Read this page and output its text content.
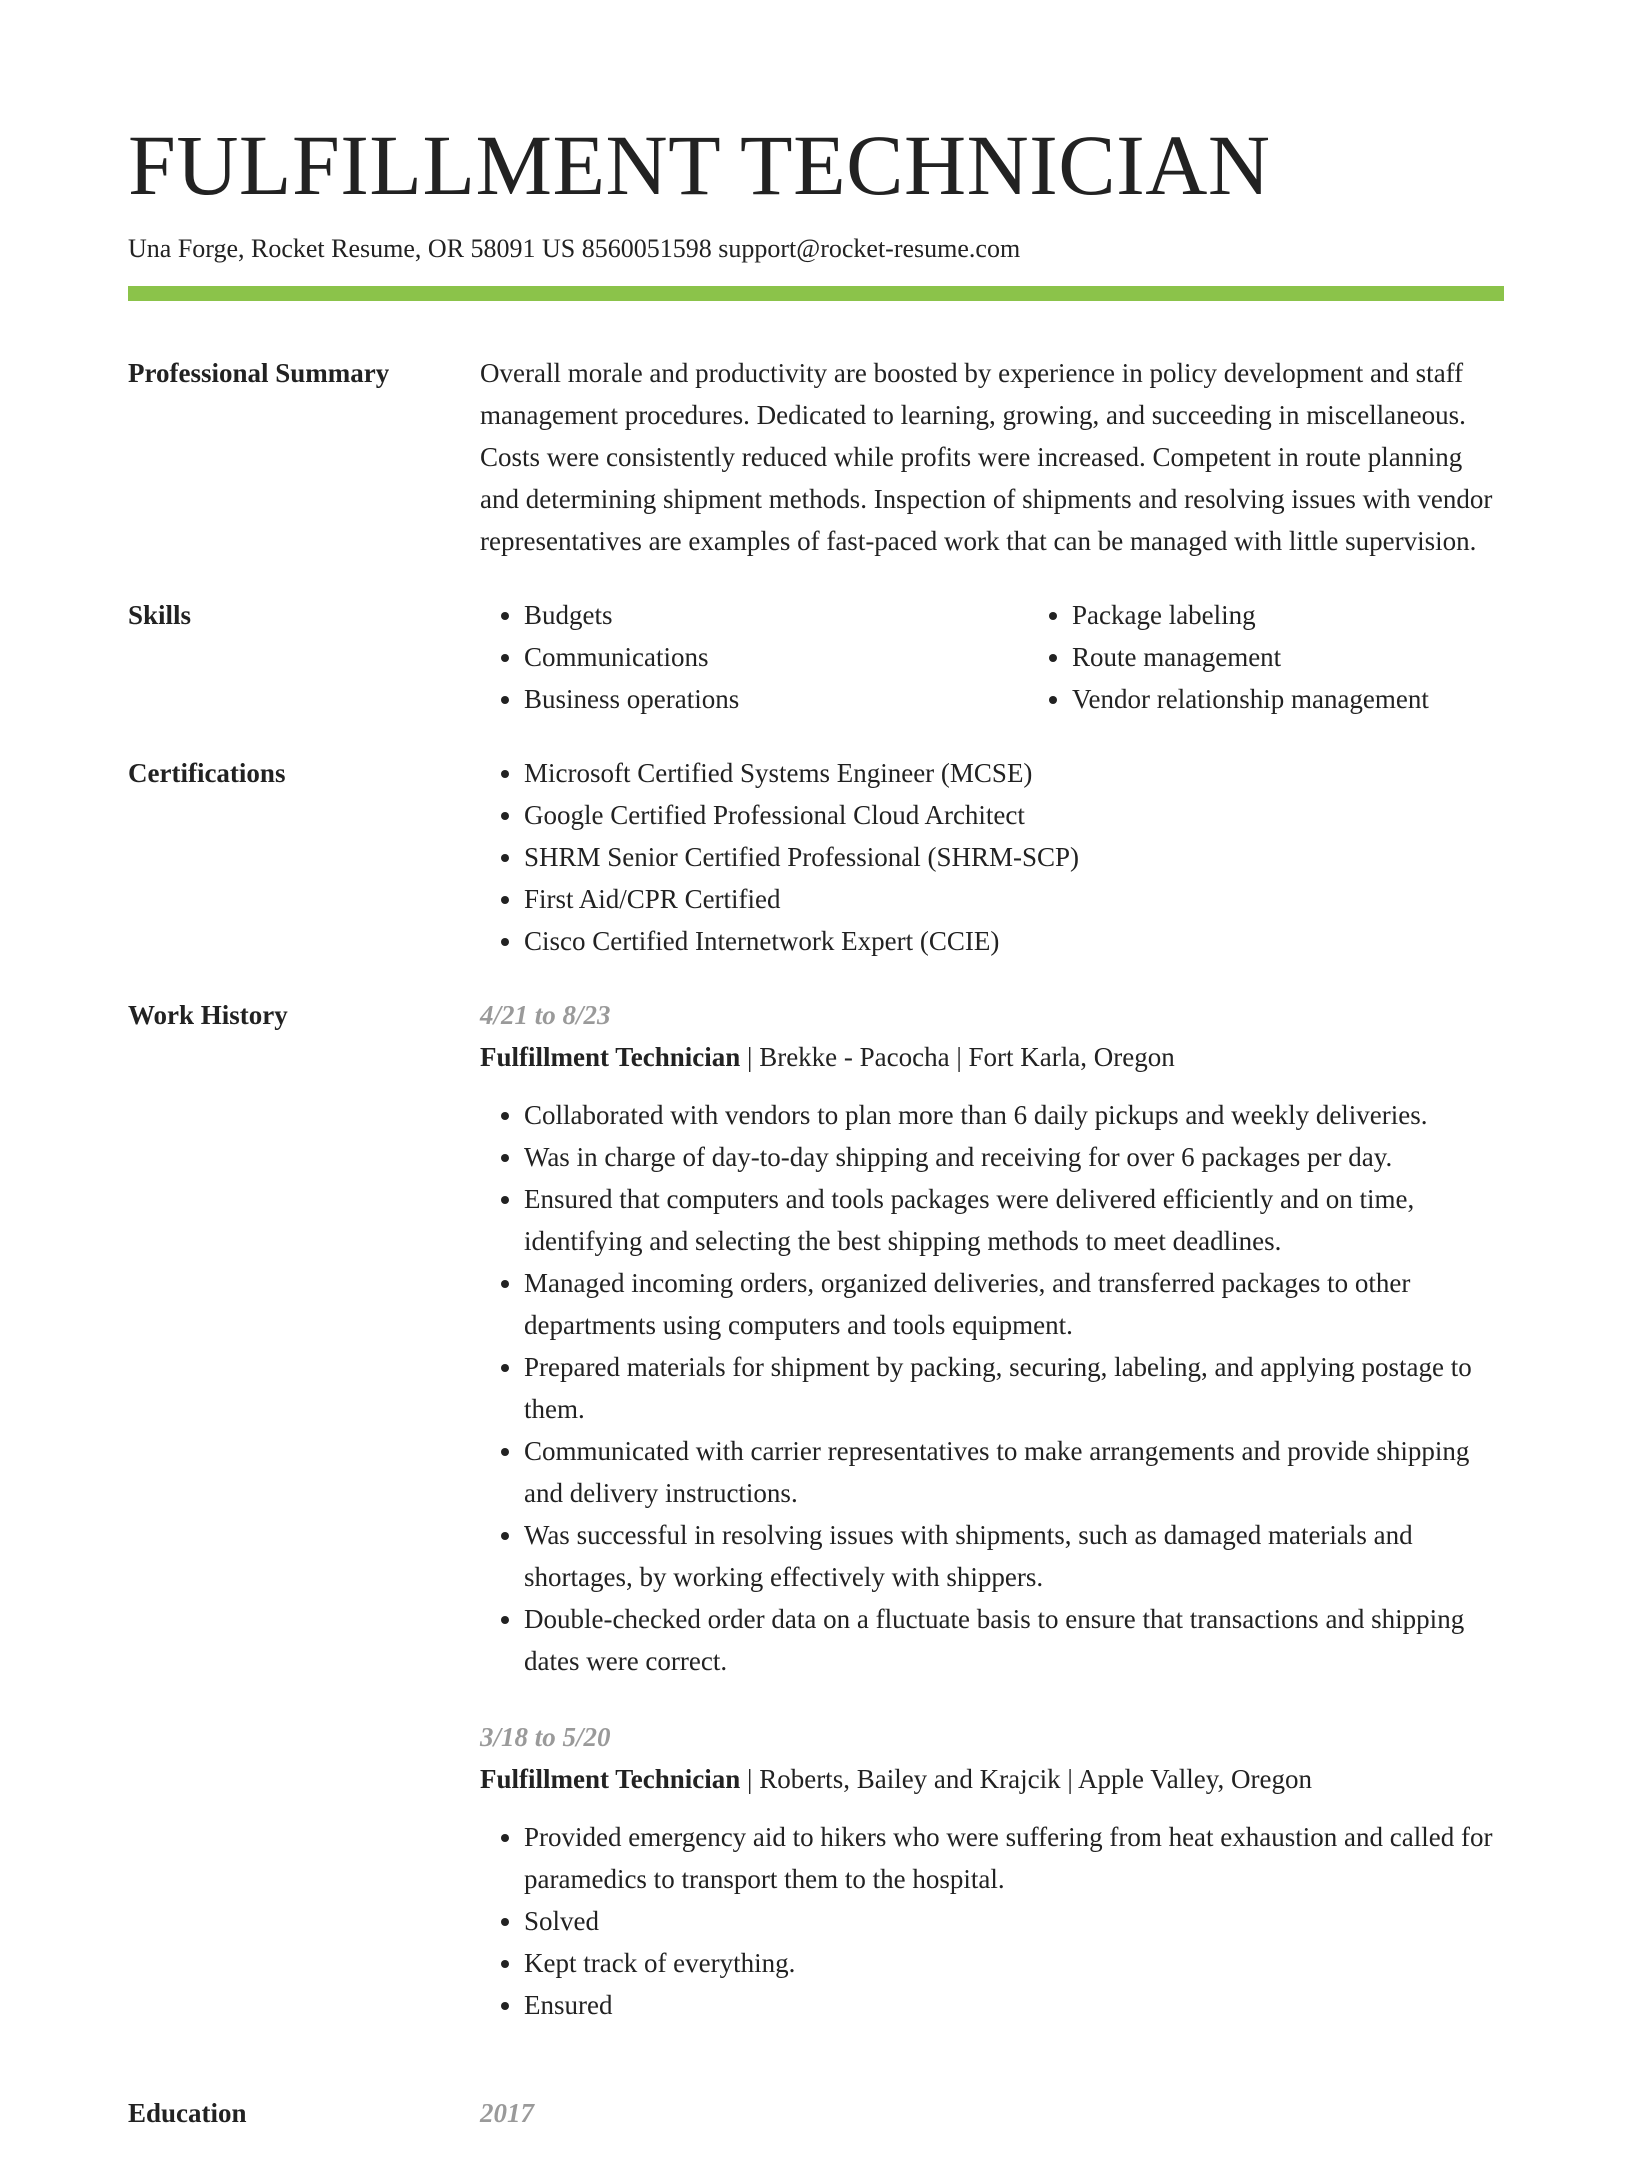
FULFILLMENT TECHNICIAN
Una Forge, Rocket Resume, OR 58091 US 8560051598 support@rocket-resume.com
Professional Summary	Overall morale and productivity are boosted by experience in policy development and staff management procedures. Dedicated to learning, growing, and succeeding in miscellaneous. Costs were consistently reduced while profits were increased. Competent in route planning and determining shipment methods. Inspection of shipments and resolving issues with vendor representatives are examples of fast-paced work that can be managed with little supervision.

Skills	• Budgets
• Communications
• Business operations
• Package labeling
• Route management
• Vendor relationship management
Certifications	• Microsoft Certified Systems Engineer (MCSE)
• Google Certified Professional Cloud Architect
• SHRM Senior Certified Professional (SHRM-SCP)
• First Aid/CPR Certified
• Cisco Certified Internetwork Expert (CCIE)
Work History	4/21 to 8/23
Fulfillment Technician | Brekke - Pacocha | Fort Karla, Oregon
• Collaborated with vendors to plan more than 6 daily pickups and weekly deliveries.
• Was in charge of day-to-day shipping and receiving for over 6 packages per day.
• Ensured that computers and tools packages were delivered efficiently and on time, identifying and selecting the best shipping methods to meet deadlines.
• Managed incoming orders, organized deliveries, and transferred packages to other departments using computers and tools equipment.
• Prepared materials for shipment by packing, securing, labeling, and applying postage to them.
• Communicated with carrier representatives to make arrangements and provide shipping and delivery instructions.
• Was successful in resolving issues with shipments, such as damaged materials and shortages, by working effectively with shippers.
• Double-checked order data on a fluctuate basis to ensure that transactions and shipping dates were correct.
3/18 to 5/20
Fulfillment Technician | Roberts, Bailey and Krajcik | Apple Valley, Oregon
• Provided emergency aid to hikers who were suffering from heat exhaustion and called for paramedics to transport them to the hospital.
• Solved
• Kept track of everything.
• Ensured
Education	2017
